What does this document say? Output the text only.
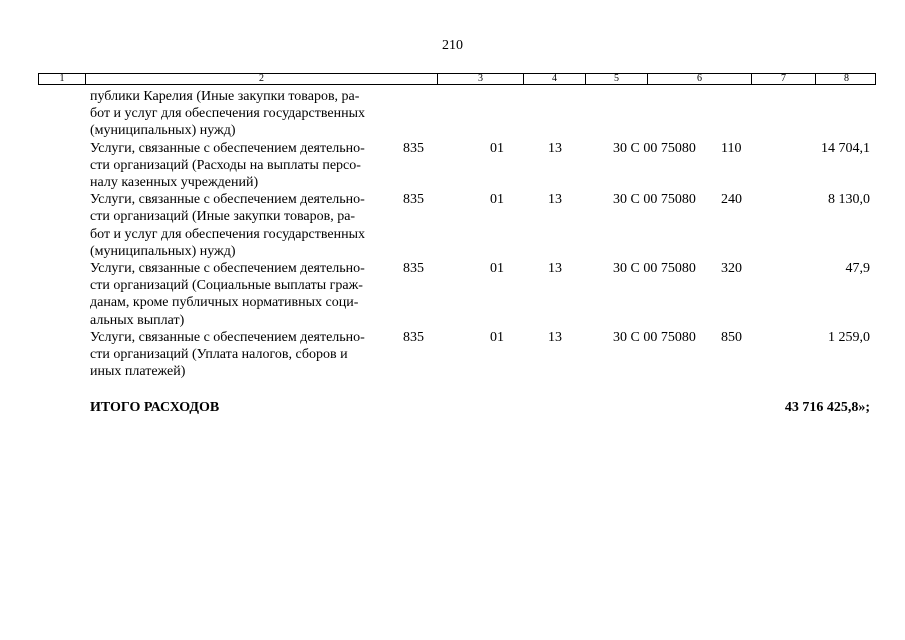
210
1	2	3	4	5	6	7	8
публики Карелия (Иные закупки товаров, ра-
бот и услуг для обеспечения государственных
(муниципальных) нужд)
Услуги, связанные с обеспечением деятельно-
сти организаций (Расходы на выплаты персо-
налу казенных учреждений)
835	01	13	30 С 00 75080 110	14 704,1
Услуги, связанные с обеспечением деятельно-
сти организаций (Иные закупки товаров, ра-
бот и услуг для обеспечения государственных
(муниципальных) нужд)
835	01	13	30 С 00 75080 240	8 130,0
Услуги, связанные с обеспечением деятельно-
сти организаций (Социальные выплаты граж-
данам, кроме публичных нормативных соци-
альных выплат)
835	01	13	30 С 00 75080 320	47,9
Услуги, связанные с обеспечением деятельно-
сти организаций (Уплата налогов, сборов и
иных платежей)
835	01	13	30 С 00 75080 850	1 259,0
ИТОГО РАСХОДОВ	43 716 425,8»;
